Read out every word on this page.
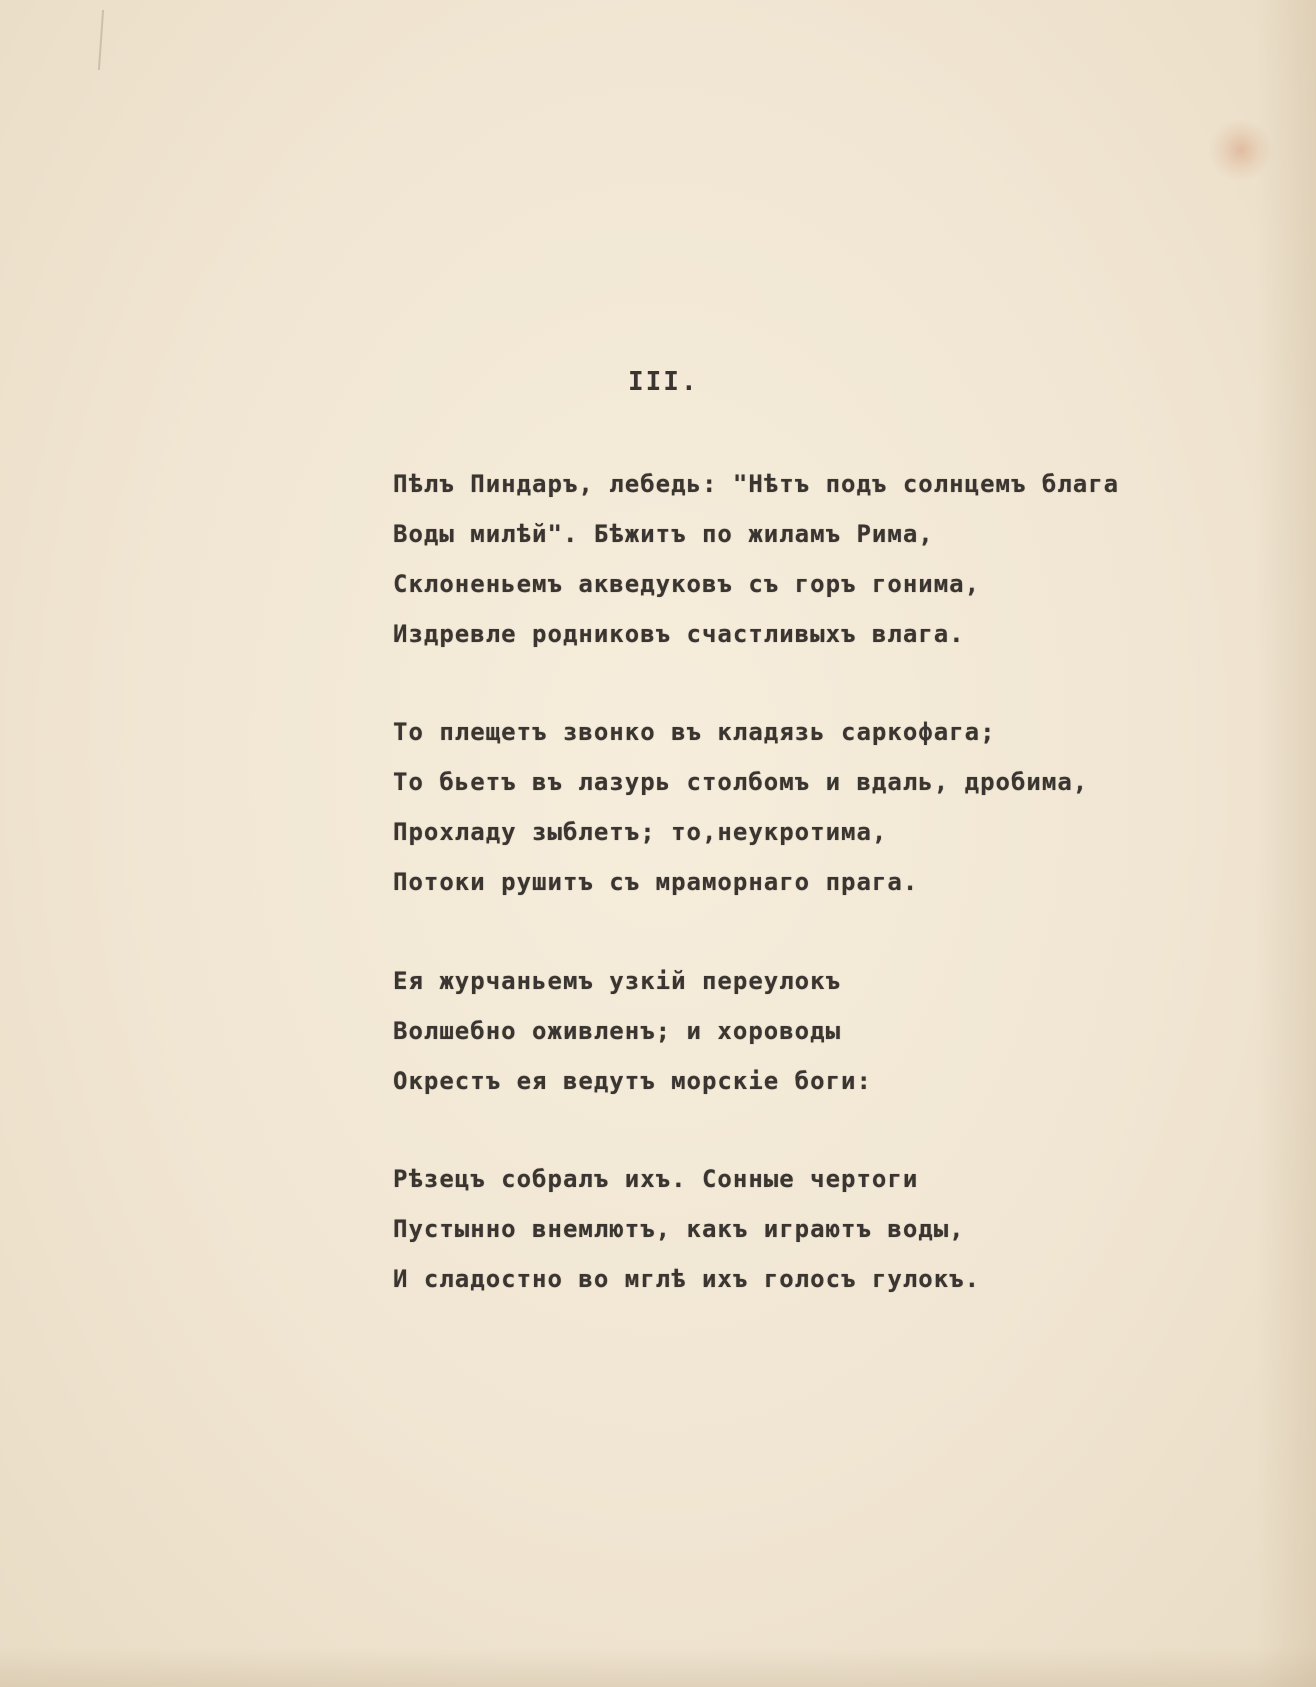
III.
Пѣлъ Пиндаръ, лебедь: "Нѣтъ подъ солнцемъ блага
Воды милѣй". Бѣжитъ по жиламъ Рима,
Склоненьемъ акведуковъ съ горъ гонима,
Издревле родниковъ счастливыхъ влага.
То плещетъ звонко въ кладязь саркофага;
То бьетъ въ лазурь столбомъ и вдаль, дробима,
Прохладу зыблетъ; то,неукротима,
Потоки рушитъ съ мраморнаго прага.
Ея журчаньемъ узкій переулокъ
Волшебно оживленъ; и хороводы
Окрестъ ея ведутъ морскіе боги:
Рѣзецъ собралъ ихъ. Сонные чертоги
Пустынно внемлютъ, какъ играютъ воды,
И сладостно во мглѣ ихъ голосъ гулокъ.
